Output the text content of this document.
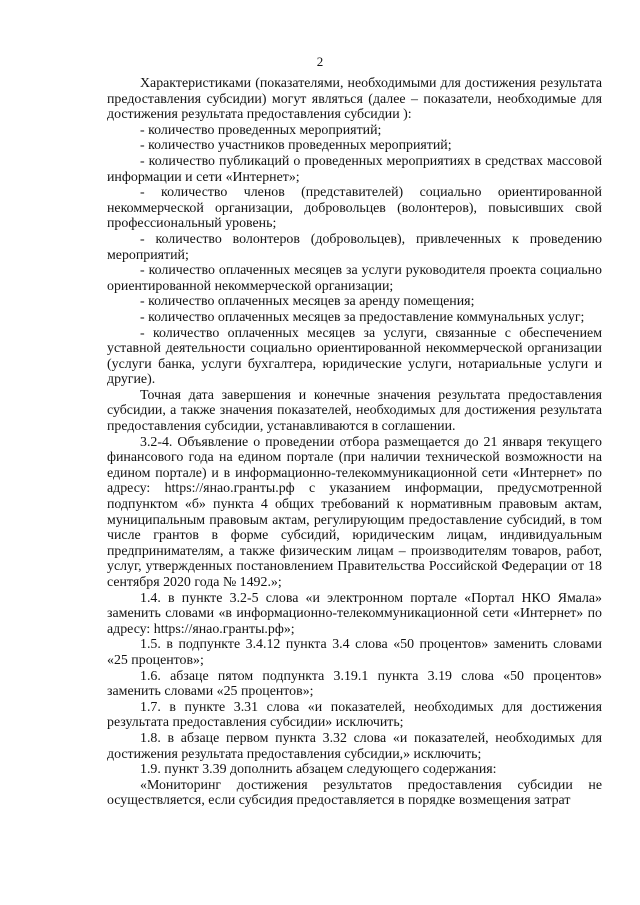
2

Характеристиками (показателями, необходимыми для достижения результата предоставления субсидии) могут являться (далее – показатели, необходимые для достижения результата предоставления субсидии ):

- количество проведенных мероприятий;

- количество участников проведенных мероприятий;

- количество публикаций о проведенных мероприятиях в средствах массовой информации и сети «Интернет»;

- количество членов (представителей) социально ориентированной некоммерческой организации, добровольцев (волонтеров), повысивших свой профессиональный уровень;

- количество волонтеров (добровольцев), привлеченных к проведению мероприятий;

- количество оплаченных месяцев за услуги руководителя проекта социально ориентированной некоммерческой организации;

- количество оплаченных месяцев за аренду помещения;

- количество оплаченных месяцев за предоставление коммунальных услуг;

- количество оплаченных месяцев за услуги, связанные с обеспечением уставной деятельности социально ориентированной некоммерческой организации (услуги банка, услуги бухгалтера, юридические услуги, нотариальные услуги и другие).

Точная дата завершения и конечные значения результата предоставления субсидии, а также значения показателей, необходимых для достижения результата предоставления субсидии, устанавливаются в соглашении.

3.2-4. Объявление о проведении отбора размещается до 21 января текущего финансового года на едином портале (при наличии технической возможности на едином портале) и в информационно-телекоммуникационной сети «Интернет» по адресу: https://янао.гранты.рф с указанием информации, предусмотренной подпунктом «б» пункта 4 общих требований к нормативным правовым актам, муниципальным правовым актам, регулирующим предоставление субсидий, в том числе грантов в форме субсидий, юридическим лицам, индивидуальным предпринимателям, а также физическим лицам – производителям товаров, работ, услуг, утвержденных постановлением Правительства Российской Федерации от 18 сентября 2020 года № 1492.»;

1.4. в пункте 3.2-5 слова «и электронном портале «Портал НКО Ямала» заменить словами «в информационно-телекоммуникационной сети «Интернет» по адресу: https://янао.гранты.рф»;

1.5. в подпункте 3.4.12 пункта 3.4 слова «50 процентов» заменить словами «25 процентов»;

1.6. абзаце пятом подпункта 3.19.1 пункта 3.19 слова «50 процентов» заменить словами «25 процентов»;

1.7. в пункте 3.31 слова «и показателей, необходимых для достижения результата предоставления субсидии» исключить;

1.8. в абзаце первом пункта 3.32 слова «и показателей, необходимых для достижения результата предоставления субсидии,» исключить;

1.9. пункт 3.39 дополнить абзацем следующего содержания:

«Мониторинг достижения результатов предоставления субсидии не осуществляется, если субсидия предоставляется в порядке возмещения затрат
